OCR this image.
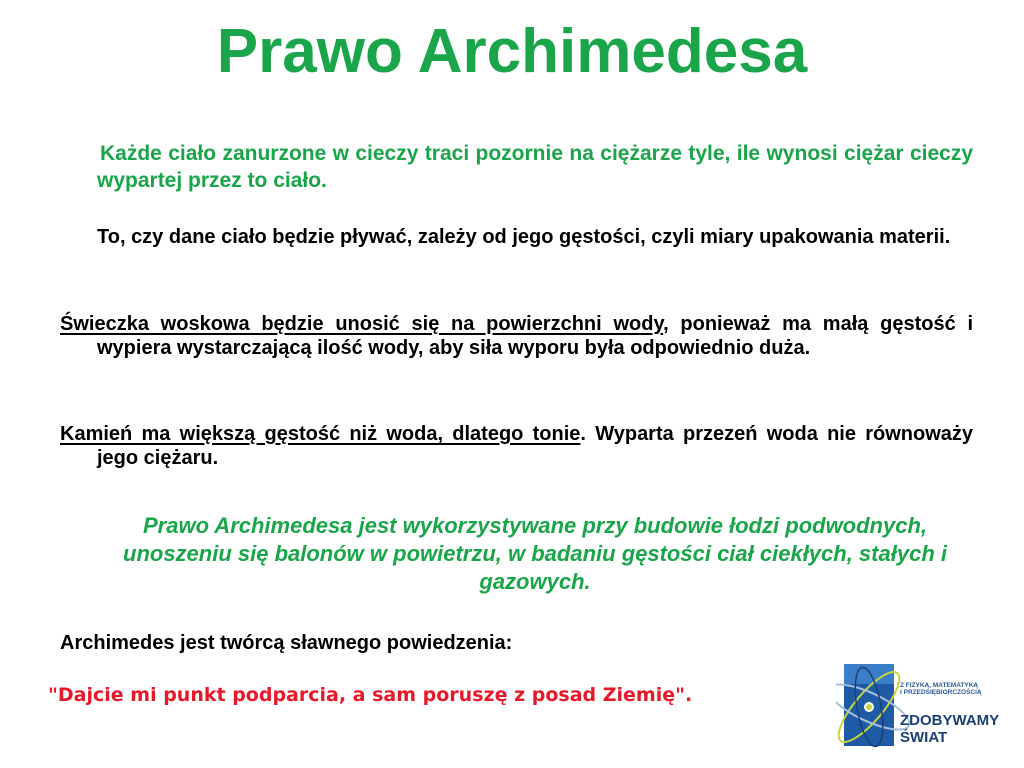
Prawo Archimedesa

Każde ciało zanurzone w cieczy traci pozornie na ciężarze tyle, ile wynosi ciężar cieczy wypartej przez to ciało.

To, czy dane ciało będzie pływać, zależy od jego gęstości, czyli miary upakowania materii.

Świeczka woskowa będzie unosić się na powierzchni wody, ponieważ ma małą gęstość i wypiera wystarczającą ilość wody, aby siła wyporu była odpowiednio duża.

Kamień ma większą gęstość niż woda, dlatego tonie. Wyparta przezeń woda nie równoważy jego ciężaru.

Prawo Archimedesa jest wykorzystywane przy budowie łodzi podwodnych, unoszeniu się balonów w powietrzu, w badaniu gęstości ciał ciekłych, stałych i gazowych.

Archimedes jest twórcą sławnego powiedzenia:

"Dajcie mi punkt podparcia, a sam poruszę z posad Ziemię".	Z FIZYKĄ, MATEMATYKĄ
I PRZEDSIĘBIORCZOŚCIĄ
ZDOBYWAMY
ŚWIAT
